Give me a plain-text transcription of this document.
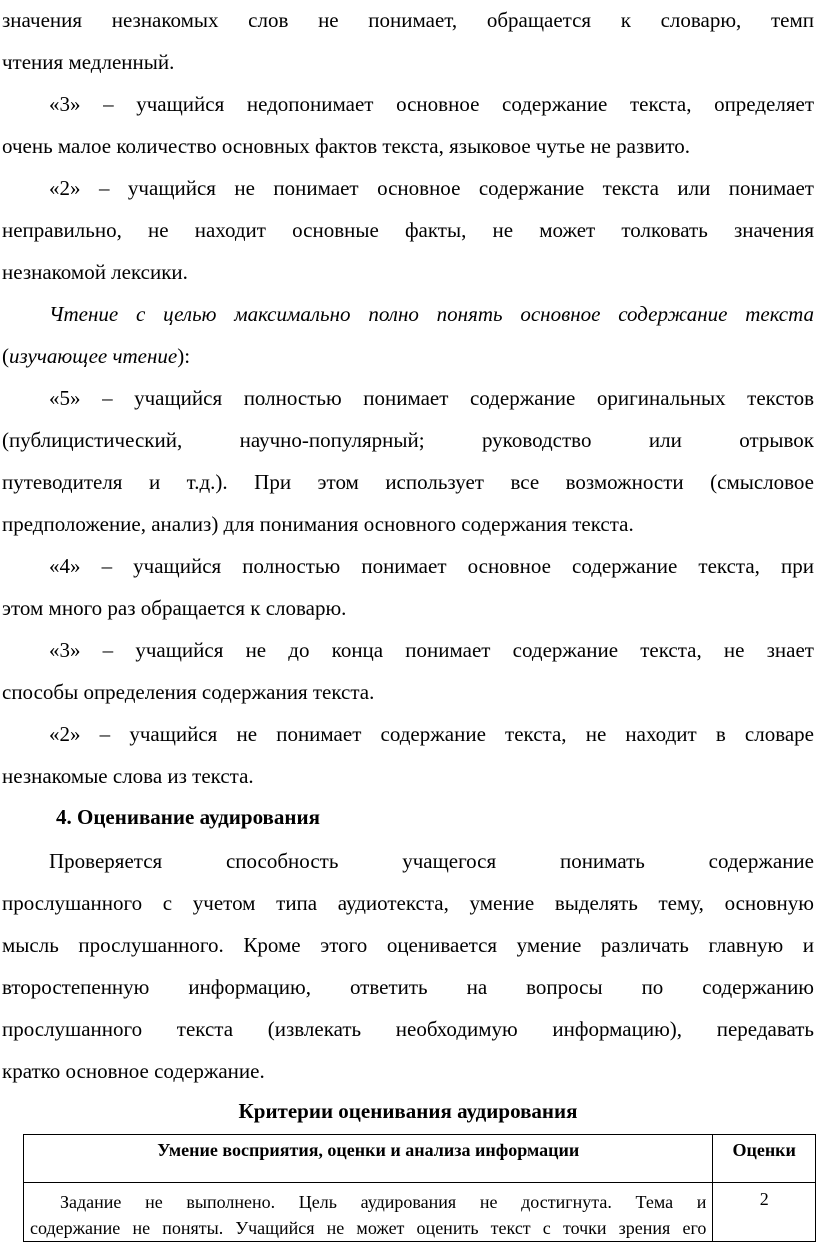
значения незнакомых слов не понимает, обращается к словарю, темп
чтения медленный.
«3» – учащийся недопонимает основное содержание текста, определяет
очень малое количество основных фактов текста, языковое чутье не развито.
«2» – учащийся не понимает основное содержание текста или понимает
неправильно, не находит основные факты, не может толковать значения
незнакомой лексики.
Чтение с целью максимально полно понять основное содержание текста
(изучающее чтение):
«5» – учащийся полностью понимает содержание оригинальных текстов
(публицистический, научно-популярный; руководство или отрывок
путеводителя и т.д.). При этом использует все возможности (смысловое
предположение, анализ) для понимания основного содержания текста.
«4» – учащийся полностью понимает основное содержание текста, при
этом много раз обращается к словарю.
«3» – учащийся не до конца понимает содержание текста, не знает
способы определения содержания текста.
«2» – учащийся не понимает содержание текста, не находит в словаре
незнакомые слова из текста.
4. Оценивание аудирования
Проверяется способность учащегося понимать содержание
прослушанного с учетом типа аудиотекста, умение выделять тему, основную
мысль прослушанного. Кроме этого оценивается умение различать главную и
второстепенную информацию, ответить на вопросы по содержанию
прослушанного текста (извлекать необходимую информацию), передавать
кратко основное содержание.
Критерии оценивания аудирования
Умение восприятия, оценки и анализа информации	Оценки

Задание не выполнено. Цель аудирования не достигнута. Тема и
содержание не поняты. Учащийся не может оценить текст с точки зрения его	2
